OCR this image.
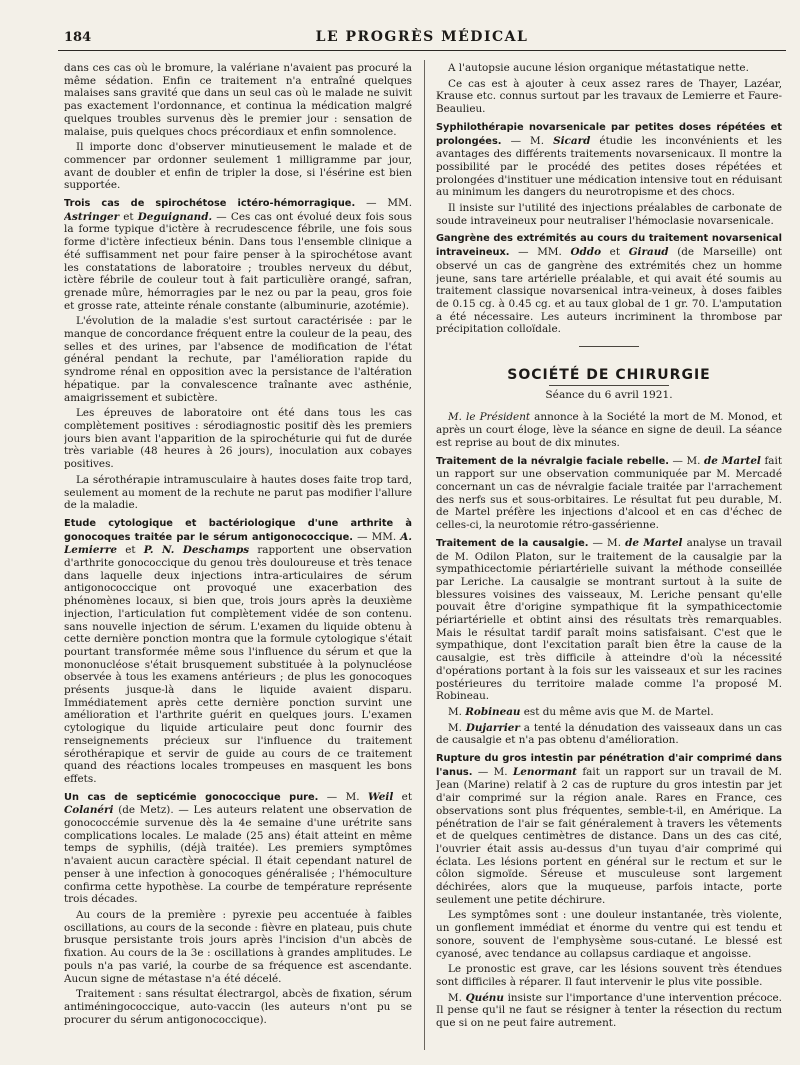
184	LE PROGRÈS MÉDICAL

dans ces cas où le bromure, la valériane n'avaient pas procuré la même sédation. Enfin ce traitement n'a entraîné quelques malaises sans gravité que dans un seul cas où le malade ne suivit pas exactement l'ordonnance, et continua la médication malgré quelques troubles survenus dès le premier jour : sensation de malaise, puis quelques chocs précordiaux et enfin somnolence.

Il importe donc d'observer minutieusement le malade et de commencer par ordonner seulement 1 milligramme par jour, avant de doubler et enfin de tripler la dose, si l'ésérine est bien supportée.

Trois cas de spirochétose ictéro-hémorragique. — MM. Astringer et Deguignand. — Ces cas ont évolué deux fois sous la forme typique d'ictère à recrudescence fébrile, une fois sous forme d'ictère infectieux bénin. Dans tous l'ensemble clinique a été suffisamment net pour faire penser à la spirochétose avant les constatations de laboratoire ; troubles nerveux du début, ictère fébrile de couleur tout à fait particulière orangé, safran, grenade mûre, hémorragies par le nez ou par la peau, gros foie et grosse rate, atteinte rénale constante (albuminurie, azotémie).

L'évolution de la maladie s'est surtout caractérisée : par le manque de concordance fréquent entre la couleur de la peau, des selles et des urines, par l'absence de modification de l'état général pendant la rechute, par l'amélioration rapide du syndrome rénal en opposition avec la persistance de l'altération hépatique. par la convalescence traînante avec asthénie, amaigrissement et subictère.

Les épreuves de laboratoire ont été dans tous les cas complètement positives : sérodiagnostic positif dès les premiers jours bien avant l'apparition de la spirochéturie qui fut de durée très variable (48 heures à 26 jours), inoculation aux cobayes positives.

La sérothérapie intramusculaire à hautes doses faite trop tard, seulement au moment de la rechute ne parut pas modifier l'allure de la maladie.

Etude cytologique et bactériologique d'une arthrite à gonocoques traitée par le sérum antigonococcique. — MM. A. Lemierre et P. N. Deschamps rapportent une observation d'arthrite gonococcique du genou très douloureuse et très tenace dans laquelle deux injections intra-articulaires de sérum antigonococcique ont provoqué une exacerbation des phénomènes locaux, si bien que, trois jours après la deuxième injection, l'articulation fut complètement vidée de son contenu. sans nouvelle injection de sérum. L'examen du liquide obtenu à cette dernière ponction montra que la formule cytologique s'était pourtant transformée même sous l'influence du sérum et que la mononucléose s'était brusquement substituée à la polynucléose observée à tous les examens antérieurs ; de plus les gonocoques présents jusque-là dans le liquide avaient disparu. Immédiatement après cette dernière ponction survint une amélioration et l'arthrite guérit en quelques jours. L'examen cytologique du liquide articulaire peut donc fournir des renseignements précieux sur l'influence du traitement sérothérapique et servir de guide au cours de ce traitement quand des réactions locales trompeuses en masquent les bons effets.

Un cas de septicémie gonococcique pure. — M. Weil et Colanéri (de Metz). — Les auteurs relatent une observation de gonococcémie survenue dès la 4e semaine d'une urétrite sans complications locales. Le malade (25 ans) était atteint en même temps de syphilis, (déjà traitée). Les premiers symptômes n'avaient aucun caractère spécial. Il était cependant naturel de penser à une infection à gonocoques généralisée ; l'hémoculture confirma cette hypothèse. La courbe de température représente trois décades.

Au cours de la première : pyrexie peu accentuée à faibles oscillations, au cours de la seconde : fièvre en plateau, puis chute brusque persistante trois jours après l'incision d'un abcès de fixation. Au cours de la 3e : oscillations à grandes amplitudes. Le pouls n'a pas varié, la courbe de sa fréquence est ascendante. Aucun signe de métastase n'a été décelé.

Traitement : sans résultat électrargol, abcès de fixation, sérum antiméningococcique, auto-vaccin (les auteurs n'ont pu se procurer du sérum antigonococcique).

A l'autopsie aucune lésion organique métastatique nette.

Ce cas est à ajouter à ceux assez rares de Thayer, Lazéar, Krause etc. connus surtout par les travaux de Lemierre et Faure-Beaulieu.

Syphilothérapie novarsenicale par petites doses répétées et prolongées. — M. Sicard étudie les inconvénients et les avantages des différents traitements novarsenicaux. Il montre la possibilité par le procédé des petites doses répétées et prolongées d'instituer une médication intensive tout en réduisant au minimum les dangers du neurotropisme et des chocs.

Il insiste sur l'utilité des injections préalables de carbonate de soude intraveineux pour neutraliser l'hémoclasie novarsenicale.

Gangrène des extrémités au cours du traitement novarsenical intraveineux. — MM. Oddo et Giraud (de Marseille) ont observé un cas de gangrène des extrémités chez un homme jeune, sans tare artérielle préalable, et qui avait été soumis au traitement classique novarsenical intra-veineux, à doses faibles de 0.15 cg. à 0.45 cg. et au taux global de 1 gr. 70. L'amputation a été nécessaire. Les auteurs incriminent la thrombose par précipitation colloïdale.

SOCIÉTÉ DE CHIRURGIE
Séance du 6 avril 1921.

M. le Président annonce à la Société la mort de M. Monod, et après un court éloge, lève la séance en signe de deuil. La séance est reprise au bout de dix minutes.

Traitement de la névralgie faciale rebelle. — M. de Martel fait un rapport sur une observation communiquée par M. Mercadé concernant un cas de névralgie faciale traitée par l'arrachement des nerfs sus et sous-orbitaires. Le résultat fut peu durable, M. de Martel préfère les injections d'alcool et en cas d'échec de celles-ci, la neurotomie rétro-gassérienne.

Traitement de la causalgie. — M. de Martel analyse un travail de M. Odilon Platon, sur le traitement de la causalgie par la sympathicectomie périartérielle suivant la méthode conseillée par Leriche. La causalgie se montrant surtout à la suite de blessures voisines des vaisseaux, M. Leriche pensant qu'elle pouvait être d'origine sympathique fit la sympathicectomie périartérielle et obtint ainsi des résultats très remarquables. Mais le résultat tardif paraît moins satisfaisant. C'est que le sympathique, dont l'excitation paraît bien être la cause de la causalgie, est très difficile à atteindre d'où la nécessité d'opérations portant à la fois sur les vaisseaux et sur les racines postérieures du territoire malade comme l'a proposé M. Robineau.

M. Robineau est du même avis que M. de Martel.

M. Dujarrier a tenté la dénudation des vaisseaux dans un cas de causalgie et n'a pas obtenu d'amélioration.

Rupture du gros intestin par pénétration d'air comprimé dans l'anus. — M. Lenormant fait un rapport sur un travail de M. Jean (Marine) relatif à 2 cas de rupture du gros intestin par jet d'air comprimé sur la région anale. Rares en France, ces observations sont plus fréquentes, semble-t-il, en Amérique. La pénétration de l'air se fait généralement à travers les vêtements et de quelques centimètres de distance. Dans un des cas cité, l'ouvrier était assis au-dessus d'un tuyau d'air comprimé qui éclata. Les lésions portent en général sur le rectum et sur le côlon sigmoïde. Séreuse et musculeuse sont largement déchirées, alors que la muqueuse, parfois intacte, porte seulement une petite déchirure.

Les symptômes sont : une douleur instantanée, très violente, un gonflement immédiat et énorme du ventre qui est tendu et sonore, souvent de l'emphysème sous-cutané. Le blessé est cyanosé, avec tendance au collapsus cardiaque et angoisse.

Le pronostic est grave, car les lésions souvent très étendues sont difficiles à réparer. Il faut intervenir le plus vite possible.

M. Quénu insiste sur l'importance d'une intervention précoce. Il pense qu'il ne faut se résigner à tenter la résection du rectum que si on ne peut faire autrement.
